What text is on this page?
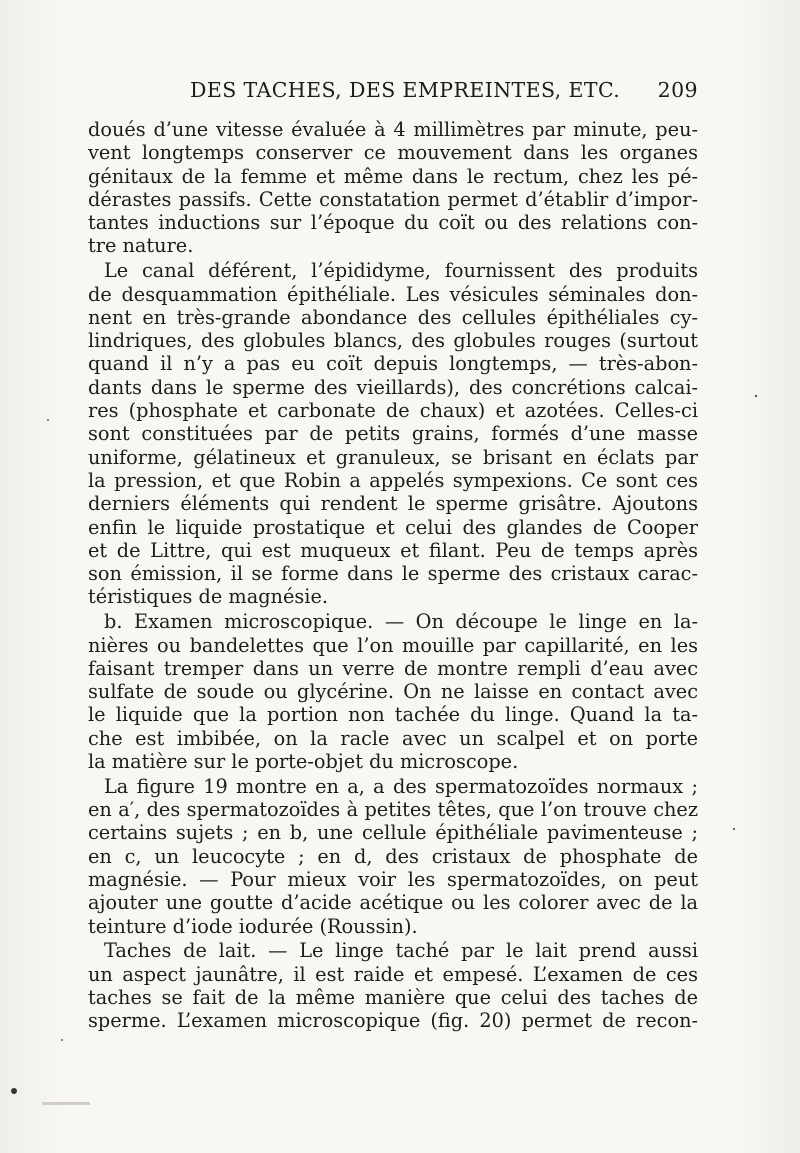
DES TACHES, DES EMPREINTES, ETC. 209
doués d’une vitesse évaluée à 4 millimètres par minute, peu-
vent longtemps conserver ce mouvement dans les organes
génitaux de la femme et même dans le rectum, chez les pé-
dérastes passifs. Cette constatation permet d’établir d’impor-
tantes inductions sur l’époque du coït ou des relations con-
tre nature.
Le canal déférent, l’épididyme, fournissent des produits
de desquammation épithéliale. Les vésicules séminales don-
nent en très-grande abondance des cellules épithéliales cy-
lindriques, des globules blancs, des globules rouges (surtout
quand il n’y a pas eu coït depuis longtemps, — très-abon-
dants dans le sperme des vieillards), des concrétions calcai-
res (phosphate et carbonate de chaux) et azotées. Celles-ci
sont constituées par de petits grains, formés d’une masse
uniforme, gélatineux et granuleux, se brisant en éclats par
la pression, et que Robin a appelés sympexions. Ce sont ces
derniers éléments qui rendent le sperme grisâtre. Ajoutons
enfin le liquide prostatique et celui des glandes de Cooper
et de Littre, qui est muqueux et filant. Peu de temps après
son émission, il se forme dans le sperme des cristaux carac-
téristiques de magnésie.
b. Examen microscopique. — On découpe le linge en la-
nières ou bandelettes que l’on mouille par capillarité, en les
faisant tremper dans un verre de montre rempli d’eau avec
sulfate de soude ou glycérine. On ne laisse en contact avec
le liquide que la portion non tachée du linge. Quand la ta-
che est imbibée, on la racle avec un scalpel et on porte
la matière sur le porte-objet du microscope.
La figure 19 montre en a, a des spermatozoïdes normaux ;
en a′, des spermatozoïdes à petites têtes, que l’on trouve chez
certains sujets ; en b, une cellule épithéliale pavimenteuse ;
en c, un leucocyte ; en d, des cristaux de phosphate de
magnésie. — Pour mieux voir les spermatozoïdes, on peut
ajouter une goutte d’acide acétique ou les colorer avec de la
teinture d’iode iodurée (Roussin).
Taches de lait. — Le linge taché par le lait prend aussi
un aspect jaunâtre, il est raide et empesé. L’examen de ces
taches se fait de la même manière que celui des taches de
sperme. L’examen microscopique (fig. 20) permet de recon-
